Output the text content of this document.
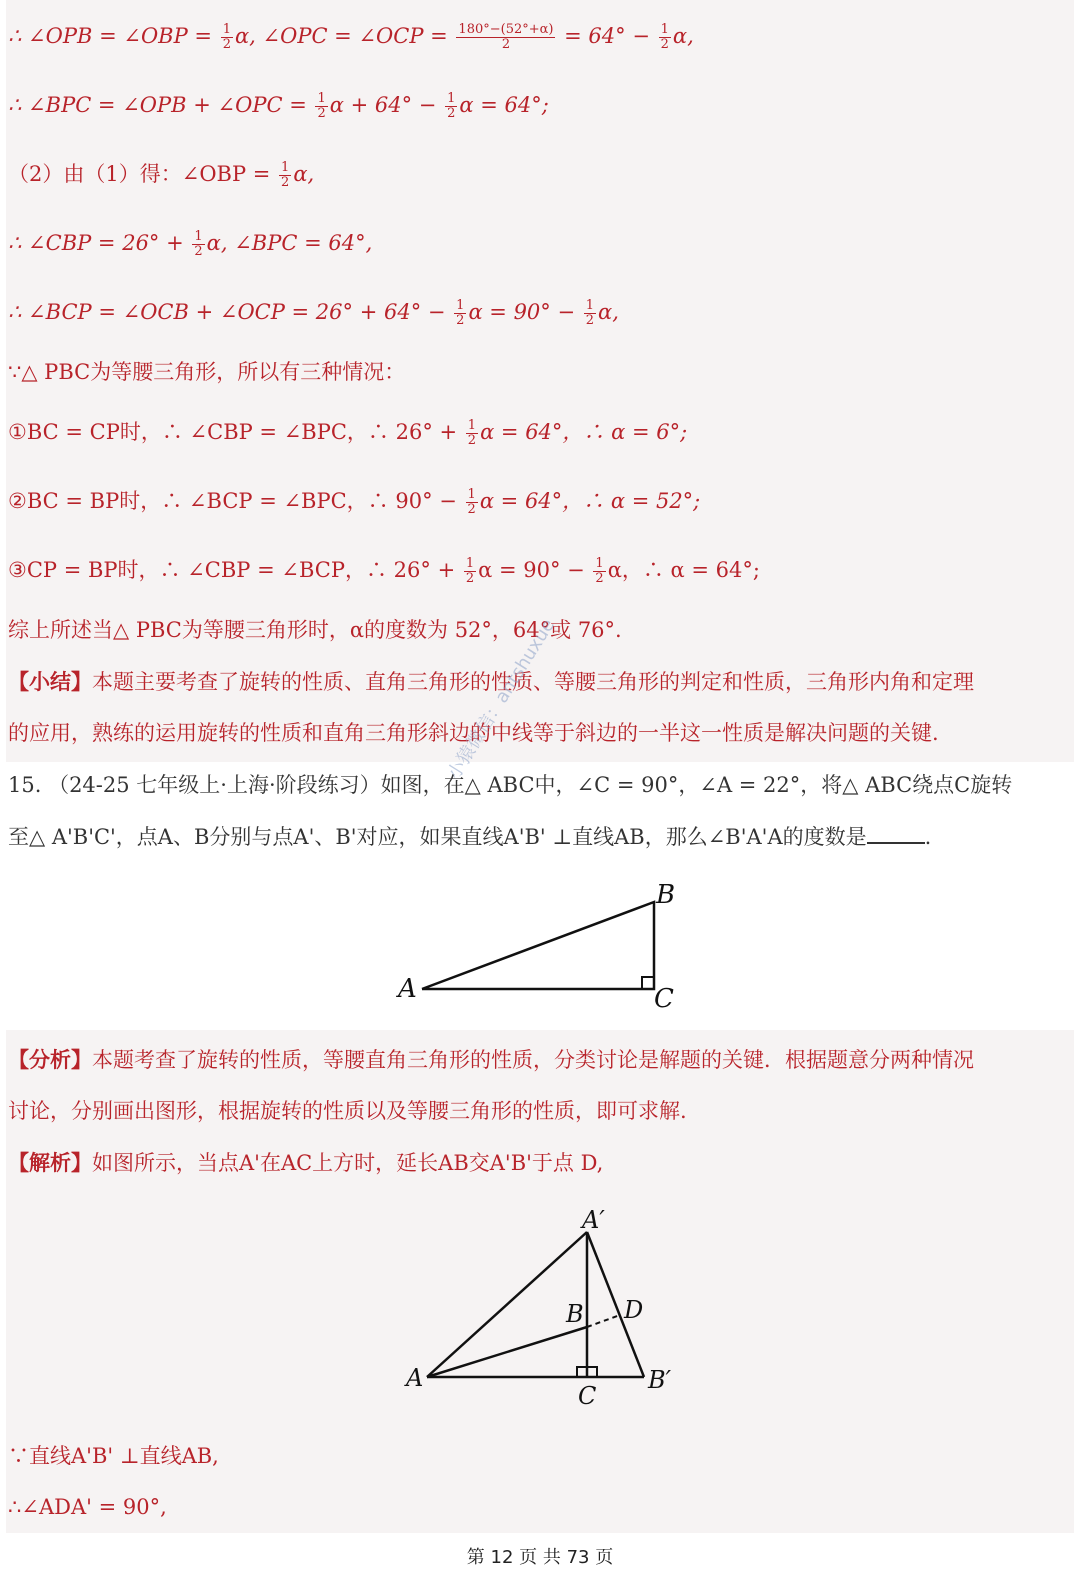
∴ ∠OPB = ∠OBP = $\frac{1}{2} \alpha$, ∠OPC = ∠OCP = $\frac{180^\circ-(52^\circ+\alpha)}{2} = 64^\circ - \frac{1}{2} \alpha$,
∴ ∠BPC = ∠OPB + ∠OPC = $\frac{1}{2}$ $\alpha + 64^\circ - \frac{1}{2}$ α = 64°;
（2）由（1）得：∠OBP = $\frac{1}{2} \alpha$,
∴ ∠CBP = $26^\circ + \frac{1}{2} \alpha$, ∠BPC = 64°,
∴ ∠BCP = ∠OCB + ∠OCP = $26^\circ + 64^\circ - \frac{1}{2}$ $\alpha = 90^\circ - \frac{1}{2} \alpha$,
∵△ PBC为等腰三角形，所以有三种情况：
①BC = CP时，∴ ∠CBP = ∠BPC，∴ $26^\circ + \frac{1}{2}$ α = 64°，∴ α = 6°;
②BC = BP时，∴ ∠BCP = ∠BPC，∴ $90^\circ - \frac{1}{2}$ α = 64°，∴ α = 52°;
③CP = BP时，∴ ∠CBP = ∠BCP，∴ $26^\circ + \frac{1}{2}$ $\alpha = 90^\circ - \frac{1}{2}$ α，∴ α = 64°;
综上所述当△ PBC为等腰三角形时，α的度数为 52°，64°或 76°.
【小结】本题主要考查了旋转的性质、直角三角形的性质、等腰三角形的判定和性质，三角形内角和定理
的应用，熟练的运用旋转的性质和直角三角形斜边的中线等于斜边的一半这一性质是解决问题的关键.
15. （24-25 七年级上·上海·阶段练习）如图，在△ ABC中，∠C = 90°，∠A = 22°，将△ ABC绕点C旋转
至△ A'B'C'，点A、B分别与点A'、B'对应，如果直线A'B' ⊥直线AB，那么∠B'A'A的度数是	.
A
B
C
【分析】本题考查了旋转的性质，等腰直角三角形的性质，分类讨论是解题的关键．根据题意分两种情况
讨论，分别画出图形，根据旋转的性质以及等腰三角形的性质，即可求解.
【解析】如图所示，当点A'在AC上方时，延长AB交A'B'于点 D,
A
A′
B D
B′
C
∵直线A'B' ⊥直线AB,
∴∠ADA' = 90°,
小猿微信：antshuxue
第 12 页 共 73 页
